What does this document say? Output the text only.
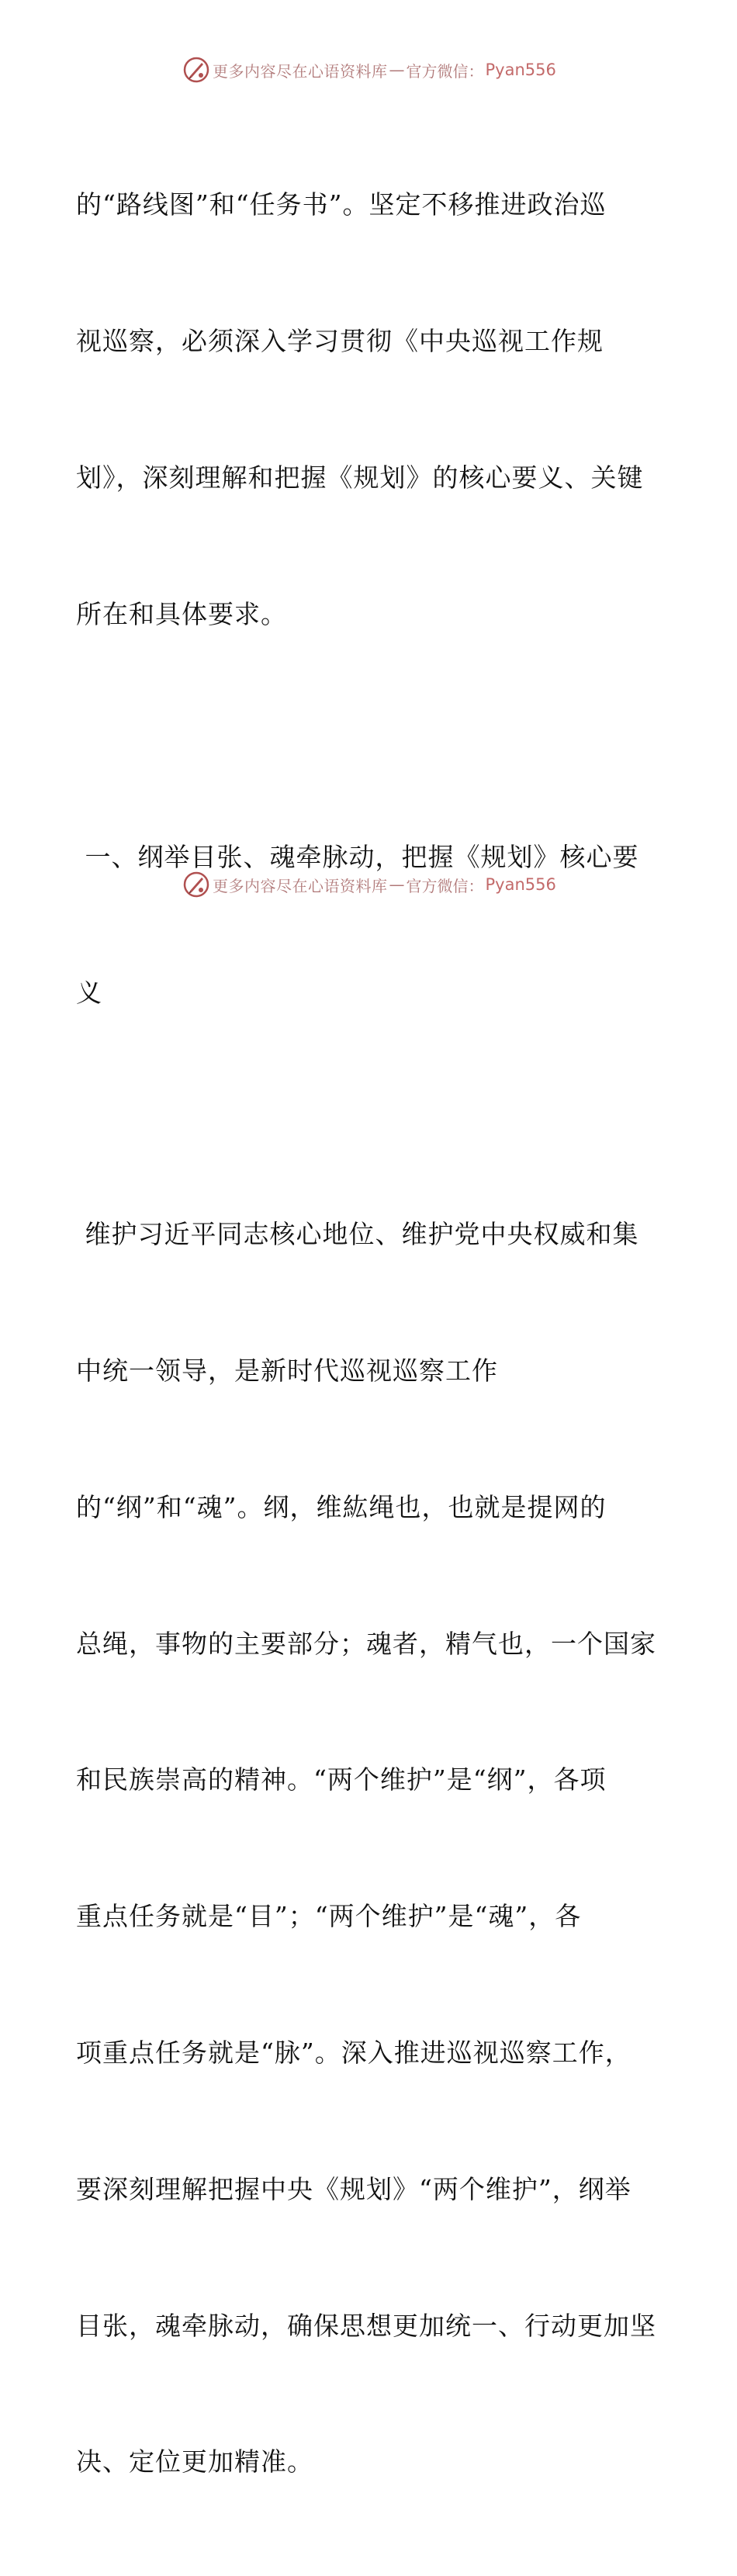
更多内容尽在心语资料库 — 官方微信： Pyan556

的“路线图”和“任务书”。坚定不移推进政治巡

视巡察，必须深入学习贯彻《中央巡视工作规

划》，深刻理解和把握《规划》的核心要义、关键

所在和具体要求。

一、纲举目张、魂牵脉动，把握《规划》核心要

义

维护习近平同志核心地位、维护党中央权威和集

中统一领导，是新时代巡视巡察工作

的“纲”和“魂”。纲，维紘绳也，也就是提网的

总绳，事物的主要部分；魂者，精气也，一个国家

和民族崇高的精神。“两个维护”是“纲”，各项

重点任务就是“目”；“两个维护”是“魂”，各

项重点任务就是“脉”。深入推进巡视巡察工作，

要深刻理解把握中央《规划》“两个维护”，纲举

目张，魂牵脉动，确保思想更加统一、行动更加坚

决、定位更加精准。

更多内容尽在心语资料库 — 官方微信： Pyan556
